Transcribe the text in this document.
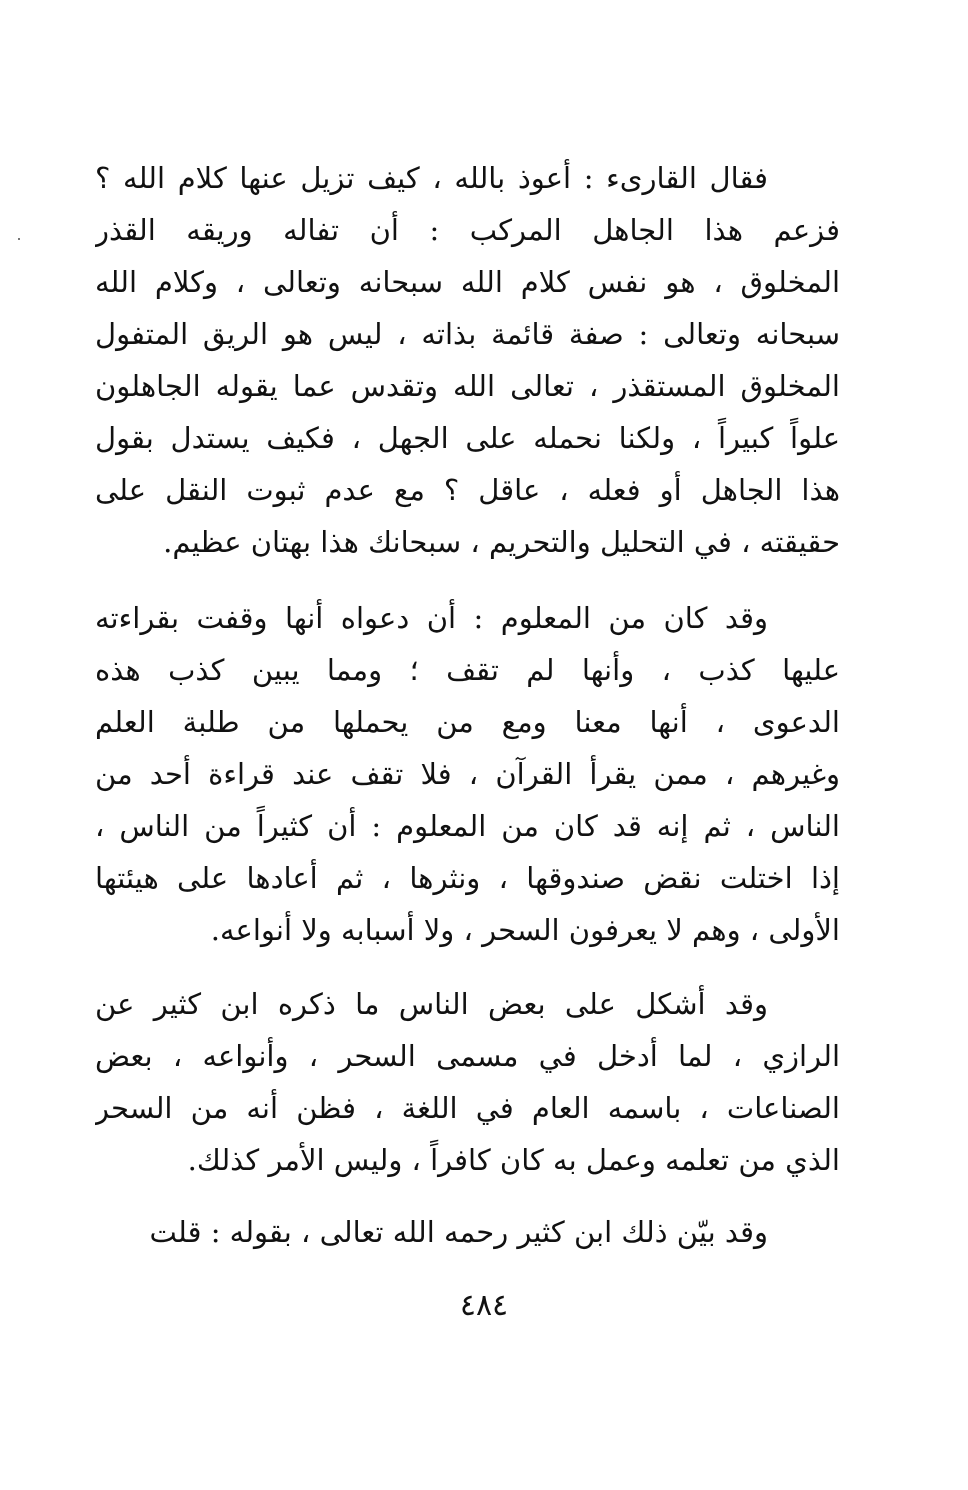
فقال القارىء : أعوذ بالله ، كيف تزيل عنها كلام الله ؟
فزعم هذا الجاهل المركب : أن تفاله وريقه القذر
المخلوق ، هو نفس كلام الله سبحانه وتعالى ، وكلام الله
سبحانه وتعالى : صفة قائمة بذاته ، ليس هو الريق المتفول
المخلوق المستقذر ، تعالى الله وتقدس عما يقوله الجاهلون
علواً كبيراً ، ولكنا نحمله على الجهل ، فكيف يستدل بقول
هذا الجاهل أو فعله ، عاقل ؟ مع عدم ثبوت النقل على
حقيقته ، في التحليل والتحريم ، سبحانك هذا بهتان عظيم.
وقد كان من المعلوم : أن دعواه أنها وقفت بقراءته
عليها كذب ، وأنها لم تقف ؛ ومما يبين كذب هذه
الدعوى ، أنها معنا ومع من يحملها من طلبة العلم
وغيرهم ، ممن يقرأ القرآن ، فلا تقف عند قراءة أحد من
الناس ، ثم إنه قد كان من المعلوم : أن كثيراً من الناس ،
إذا اختلت نقض صندوقها ، ونثرها ، ثم أعادها على هيئتها
الأولى ، وهم لا يعرفون السحر ، ولا أسبابه ولا أنواعه.
وقد أشكل على بعض الناس ما ذكره ابن كثير عن
الرازي ، لما أدخل في مسمى السحر ، وأنواعه ، بعض
الصناعات ، باسمه العام في اللغة ، فظن أنه من السحر
الذي من تعلمه وعمل به كان كافراً ، وليس الأمر كذلك.
وقد بيّن ذلك ابن كثير رحمه الله تعالى ، بقوله : قلت
٤٨٤
